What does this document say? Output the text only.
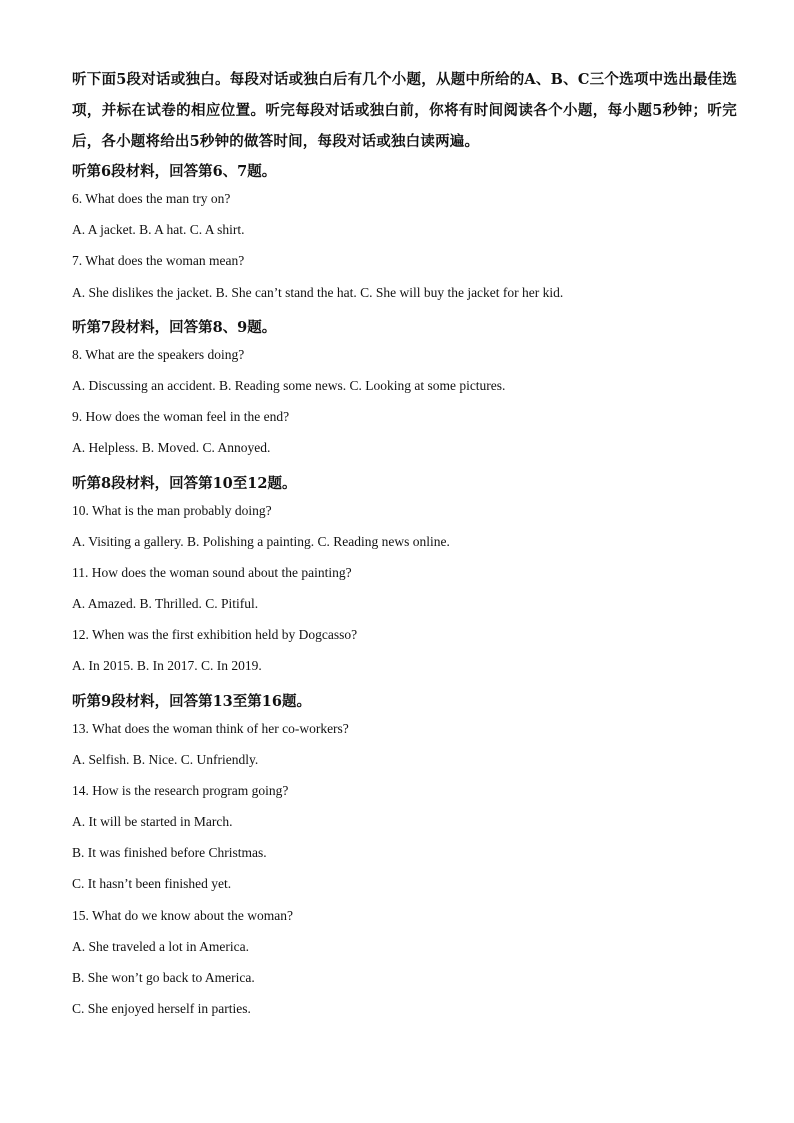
听下面5段对话或独白。每段对话或独白后有几个小题，从题中所给的A、B、C三个选项中选出最佳选项，并标在试卷的相应位置。听完每段对话或独白前，你将有时间阅读各个小题，每小题5秒钟；听完后，各小题将给出5秒钟的做答时间，每段对话或独白读两遍。
听第6段材料，回答第6、7题。
6. What does the man try on?
A. A jacket. B. A hat. C. A shirt.
7. What does the woman mean?
A. She dislikes the jacket. B. She can’t stand the hat. C. She will buy the jacket for her kid.
听第7段材料，回答第8、9题。
8. What are the speakers doing?
A. Discussing an accident. B. Reading some news. C. Looking at some pictures.
9. How does the woman feel in the end?
A. Helpless. B. Moved. C. Annoyed.
听第8段材料，回答第10至12题。
10. What is the man probably doing?
A. Visiting a gallery. B. Polishing a painting. C. Reading news online.
11. How does the woman sound about the painting?
A. Amazed. B. Thrilled. C. Pitiful.
12. When was the first exhibition held by Dogcasso?
A. In 2015. B. In 2017. C. In 2019.
听第9段材料，回答第13至第16题。
13. What does the woman think of her co-workers?
A. Selfish. B. Nice. C. Unfriendly.
14. How is the research program going?
A. It will be started in March.
B. It was finished before Christmas.
C. It hasn’t been finished yet.
15. What do we know about the woman?
A. She traveled a lot in America.
B. She won’t go back to America.
C. She enjoyed herself in parties.
